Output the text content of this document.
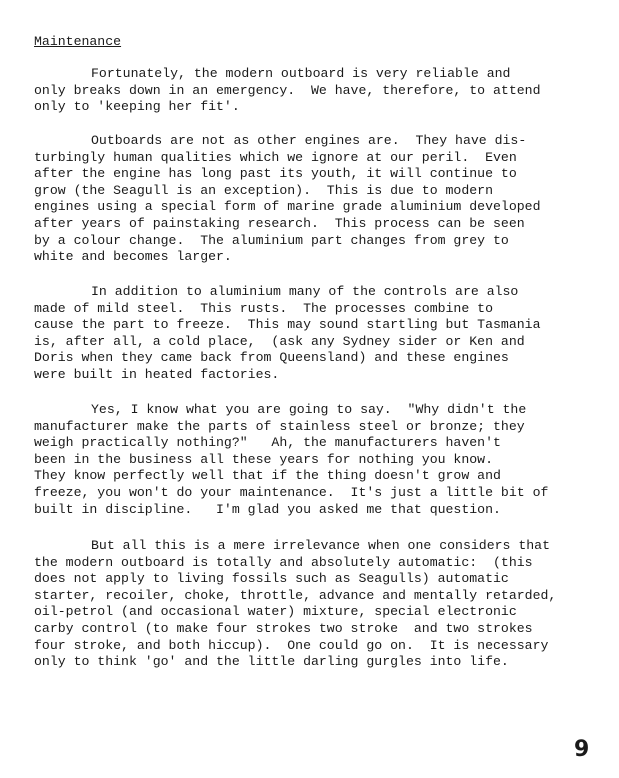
Maintenance
Fortunately, the modern outboard is very reliable and
only breaks down in an emergency.  We have, therefore, to attend
only to 'keeping her fit'.
Outboards are not as other engines are.  They have dis-
turbingly human qualities which we ignore at our peril.  Even
after the engine has long past its youth, it will continue to
grow (the Seagull is an exception).  This is due to modern
engines using a special form of marine grade aluminium developed
after years of painstaking research.  This process can be seen
by a colour change.  The aluminium part changes from grey to
white and becomes larger.
In addition to aluminium many of the controls are also
made of mild steel.  This rusts.  The processes combine to
cause the part to freeze.  This may sound startling but Tasmania
is, after all, a cold place,  (ask any Sydney sider or Ken and
Doris when they came back from Queensland) and these engines
were built in heated factories.
Yes, I know what you are going to say.  "Why didn't the
manufacturer make the parts of stainless steel or bronze; they
weigh practically nothing?"   Ah, the manufacturers haven't
been in the business all these years for nothing you know.
They know perfectly well that if the thing doesn't grow and
freeze, you won't do your maintenance.  It's just a little bit of
built in discipline.   I'm glad you asked me that question.
But all this is a mere irrelevance when one considers that
the modern outboard is totally and absolutely automatic:  (this
does not apply to living fossils such as Seagulls) automatic
starter, recoiler, choke, throttle, advance and mentally retarded,
oil-petrol (and occasional water) mixture, special electronic
carby control (to make four strokes two stroke  and two strokes
four stroke, and both hiccup).  One could go on.  It is necessary
only to think 'go' and the little darling gurgles into life.
9
